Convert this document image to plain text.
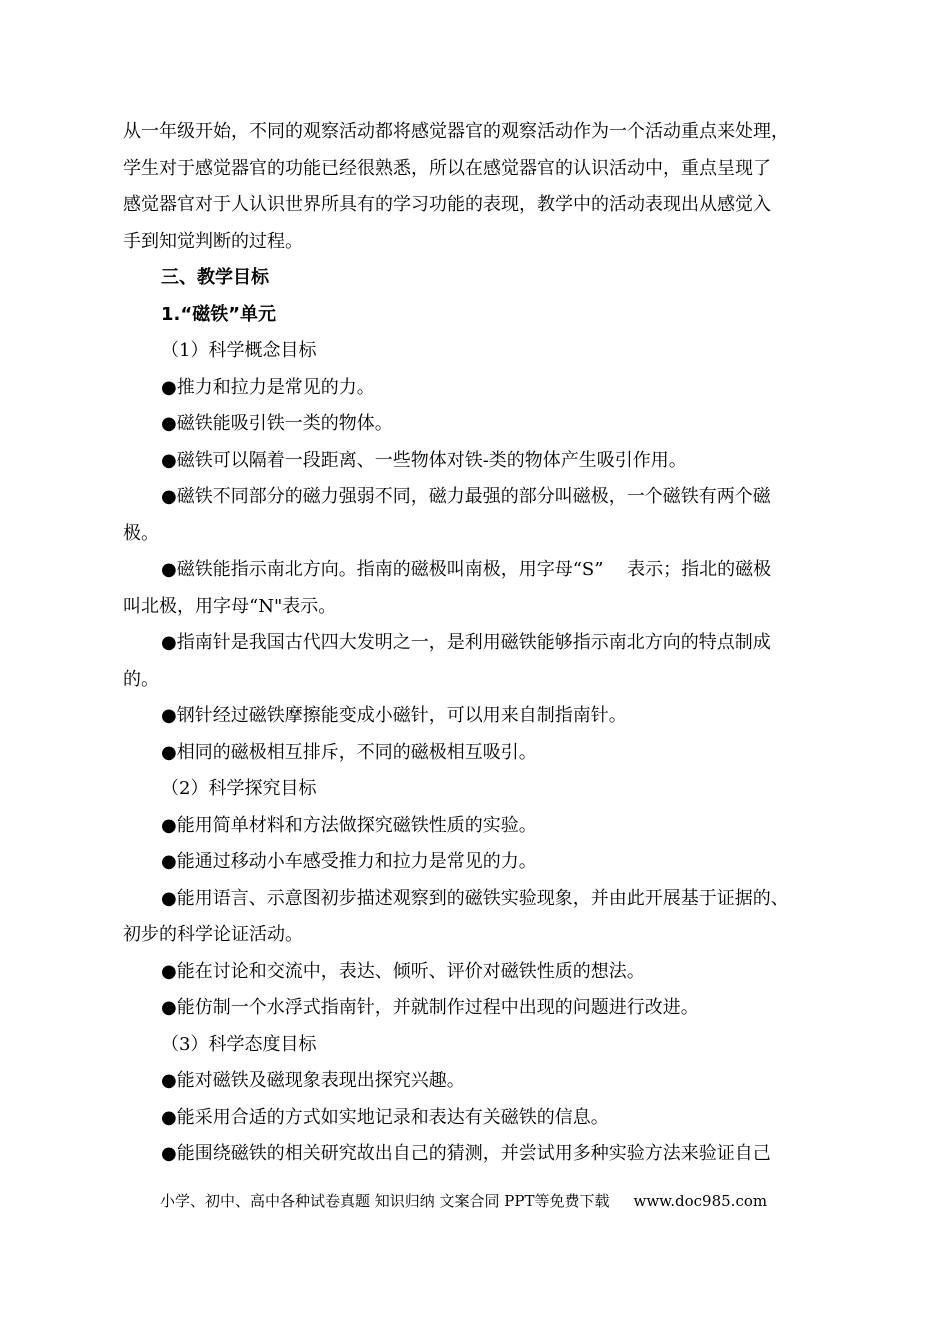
从一年级开始，不同的观察活动都将感觉器官的观察活动作为一个活动重点来处理，

学生对于感觉器官的功能已经很熟悉，所以在感觉器官的认识活动中，重点呈现了

感觉器官对于人认识世界所具有的学习功能的表现，教学中的活动表现出从感觉入

手到知觉判断的过程。

三、教学目标

1.“磁铁”单元

（1）科学概念目标

●推力和拉力是常见的力。

●磁铁能吸引铁一类的物体。

●磁铁可以隔着一段距离、一些物体对铁-类的物体产生吸引作用。

●磁铁不同部分的磁力强弱不同，磁力最强的部分叫磁极，一个磁铁有两个磁

极。

●磁铁能指示南北方向。指南的磁极叫南极，用字母“S”　 表示；指北的磁极

叫北极，用字母“N"表示。

●指南针是我国古代四大发明之一，是利用磁铁能够指示南北方向的特点制成

的。

●钢针经过磁铁摩擦能变成小磁针，可以用来自制指南针。

●相同的磁极相互排斥，不同的磁极相互吸引。

（2）科学探究目标

●能用简单材料和方法做探究磁铁性质的实验。

●能通过移动小车感受推力和拉力是常见的力。

●能用语言、示意图初步描述观察到的磁铁实验现象，并由此开展基于证据的、

初步的科学论证活动。

●能在讨论和交流中，表达、倾听、评价对磁铁性质的想法。

●能仿制一个水浮式指南针，并就制作过程中出现的问题进行改进。

（3）科学态度目标

●能对磁铁及磁现象表现出探究兴趣。

●能采用合适的方式如实地记录和表达有关磁铁的信息。

●能围绕磁铁的相关研究故出自己的猜测，并尝试用多种实验方法来验证自己

小学、初中、高中各种试卷真题 知识归纳 文案合同 PPT等免费下载 www.doc985.com
